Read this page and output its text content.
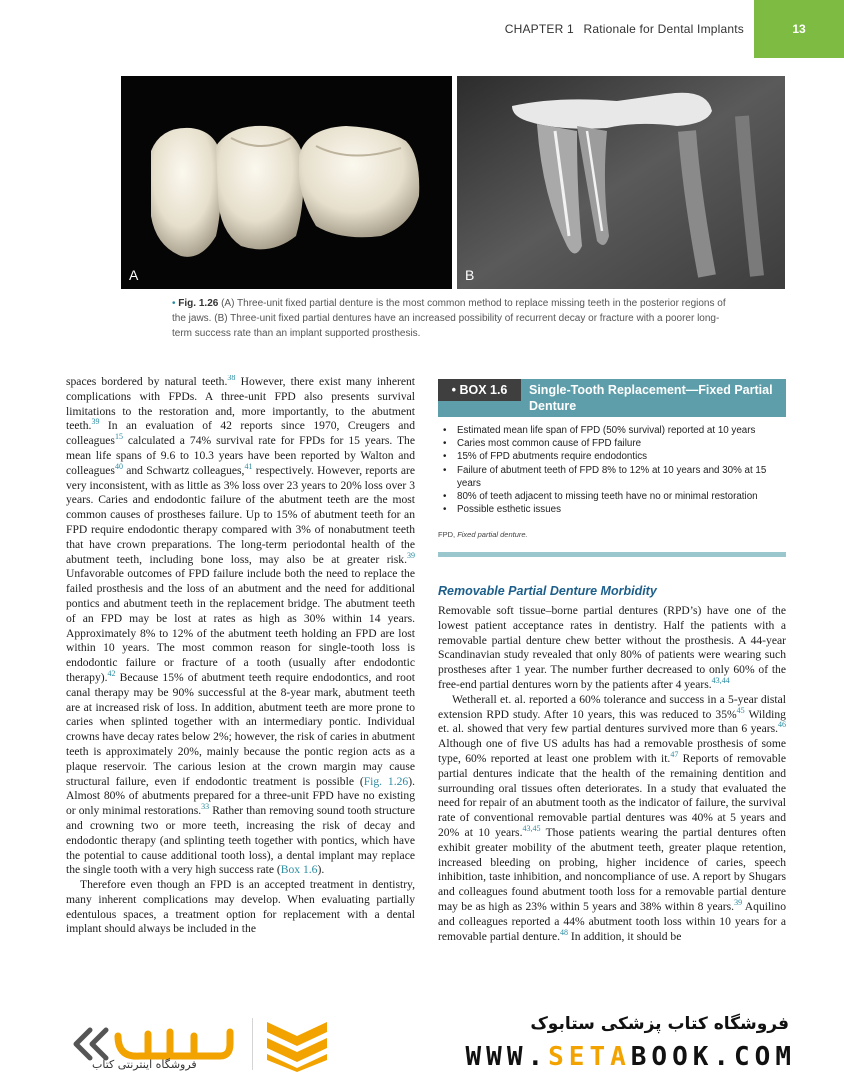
CHAPTER 1 Rationale for Dental Implants	13
A	B
• Fig. 1.26 (A) Three-unit fixed partial denture is the most common method to replace missing teeth in the posterior regions of the jaws. (B) Three-unit fixed partial dentures have an increased possibility of recurrent decay or fracture with a poorer long-term success rate than an implant supported prosthesis.

spaces bordered by natural teeth.$^{38}$ However, there exist many inherent complications with FPDs. A three-unit FPD also presents survival limitations to the restoration and, more importantly, to the abutment teeth.$^{39}$ In an evaluation of 42 reports since 1970, Creugers and colleagues$^{15}$ calculated a 74% survival rate for FPDs for 15 years. The mean life spans of 9.6 to 10.3 years have been reported by Walton and colleagues$^{40}$ and Schwartz colleagues,$^{41}$ respectively. However, reports are very inconsistent, with as little as 3% loss over 23 years to 20% loss over 3 years. Caries and endodontic failure of the abutment teeth are the most common causes of prostheses failure. Up to 15% of abutment teeth for an FPD require endodontic therapy compared with 3% of nonabutment teeth that have crown preparations. The long-term periodontal health of the abutment teeth, including bone loss, may also be at greater risk.$^{39}$ Unfavorable outcomes of FPD failure include both the need to replace the failed prosthesis and the loss of an abutment and the need for additional pontics and abutment teeth in the replacement bridge. The abutment teeth of an FPD may be lost at rates as high as 30% within 14 years. Approximately 8% to 12% of the abutment teeth holding an FPD are lost within 10 years. The most common reason for single-tooth loss is endodontic failure or fracture of a tooth (usually after endodontic therapy).$^{42}$ Because 15% of abutment teeth require endodontics, and root canal therapy may be 90% successful at the 8-year mark, abutment teeth are at increased risk of loss. In addition, abutment teeth are more prone to caries when splinted together with an intermediary pontic. Individual crowns have decay rates below 2%; however, the risk of caries in abutment teeth is approximately 20%, mainly because the pontic region acts as a plaque reservoir. The carious lesion at the crown margin may cause structural failure, even if endodontic treatment is possible (Fig. 1.26). Almost 80% of abutments prepared for a three-unit FPD have no existing or only minimal restorations.$^{33}$ Rather than removing sound tooth structure and crowning two or more teeth, increasing the risk of decay and endodontic therapy (and splinting teeth together with pontics, which have the potential to cause additional tooth loss), a dental implant may replace the single tooth with a very high success rate (Box 1.6).

Therefore even though an FPD is an accepted treatment in dentistry, many inherent complications may develop. When evaluating partially edentulous spaces, a treatment option for replacement with a dental implant should always be included in the

• BOX 1.6	Single-Tooth Replacement—Fixed Partial Denture
• Estimated mean life span of FPD (50% survival) reported at 10 years
• Caries most common cause of FPD failure
• 15% of FPD abutments require endodontics
• Failure of abutment teeth of FPD 8% to 12% at 10 years and 30% at 15 years
• 80% of teeth adjacent to missing teeth have no or minimal restoration
• Possible esthetic issues
FPD, Fixed partial denture.
Removable Partial Denture Morbidity

Removable soft tissue–borne partial dentures (RPD’s) have one of the lowest patient acceptance rates in dentistry. Half the patients with a removable partial denture chew better without the prosthesis. A 44-year Scandinavian study revealed that only 80% of patients were wearing such prostheses after 1 year. The number further decreased to only 60% of the free-end partial dentures worn by the patients after 4 years.$^{43,44}$

Wetherall et. al. reported a 60% tolerance and success in a 5-year distal extension RPD study. After 10 years, this was reduced to 35%$^{45}$ Wilding et. al. showed that very few partial dentures survived more than 6 years.$^{46}$ Although one of five US adults has had a removable prosthesis of some type, 60% reported at least one problem with it.$^{47}$ Reports of removable partial dentures indicate that the health of the remaining dentition and surrounding oral tissues often deteriorates. In a study that evaluated the need for repair of an abutment tooth as the indicator of failure, the survival rate of conventional removable partial dentures was 40% at 5 years and 20% at 10 years.$^{43,45}$ Those patients wearing the partial dentures often exhibit greater mobility of the abutment teeth, greater plaque retention, increased bleeding on probing, higher incidence of caries, speech inhibition, taste inhibition, and noncompliance of use. A report by Shugars and colleagues found abutment tooth loss for a removable partial denture may be as high as 23% within 5 years and 38% within 8 years.$^{39}$ Aquilino and colleagues reported a 44% abutment tooth loss within 10 years for a removable partial denture.$^{48}$ In addition, it should be

فروشگاه اینترنتی کتاب
فروشگاه کتاب پزشکی ستابوک
WWW.SETABOOK.COM
